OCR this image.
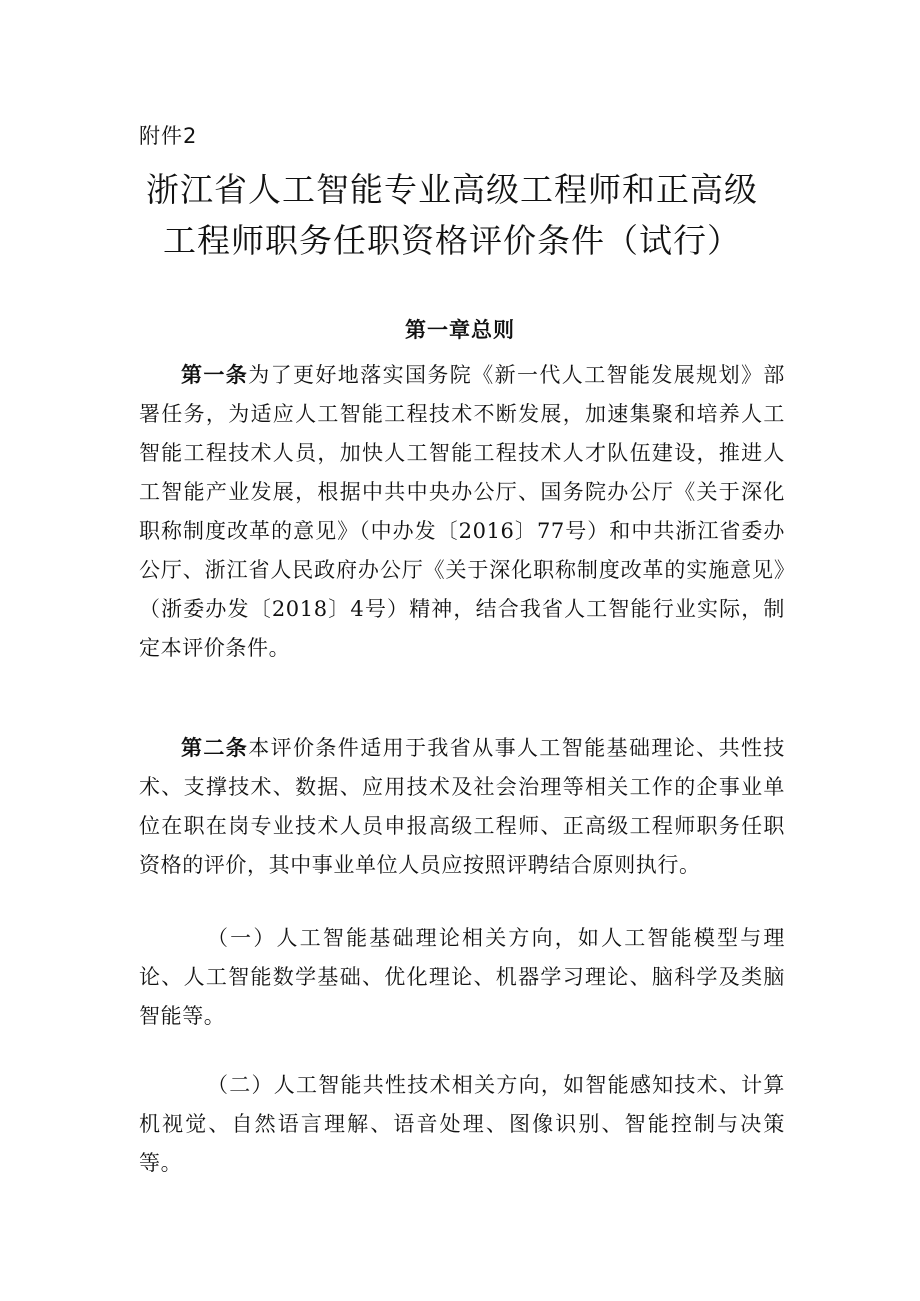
附件2
浙江省人工智能专业高级工程师和正高级
工程师职务任职资格评价条件（试行）
第一章总则
第一条为了更好地落实国务院《新一代人工智能发展规划》部署任务，为适应人工智能工程技术不断发展，加速集聚和培养人工智能工程技术人员，加快人工智能工程技术人才队伍建设，推进人工智能产业发展，根据中共中央办公厅、国务院办公厅《关于深化职称制度改革的意见》（中办发〔2016〕77号）和中共浙江省委办公厅、浙江省人民政府办公厅《关于深化职称制度改革的实施意见》（浙委办发〔2018〕4号）精神，结合我省人工智能行业实际，制定本评价条件。
第二条本评价条件适用于我省从事人工智能基础理论、共性技术、支撑技术、数据、应用技术及社会治理等相关工作的企事业单位在职在岗专业技术人员申报高级工程师、正高级工程师职务任职资格的评价，其中事业单位人员应按照评聘结合原则执行。
（一）人工智能基础理论相关方向，如人工智能模型与理论、人工智能数学基础、优化理论、机器学习理论、脑科学及类脑智能等。
（二）人工智能共性技术相关方向，如智能感知技术、计算机视觉、自然语言理解、语音处理、图像识别、智能控制与决策等。
